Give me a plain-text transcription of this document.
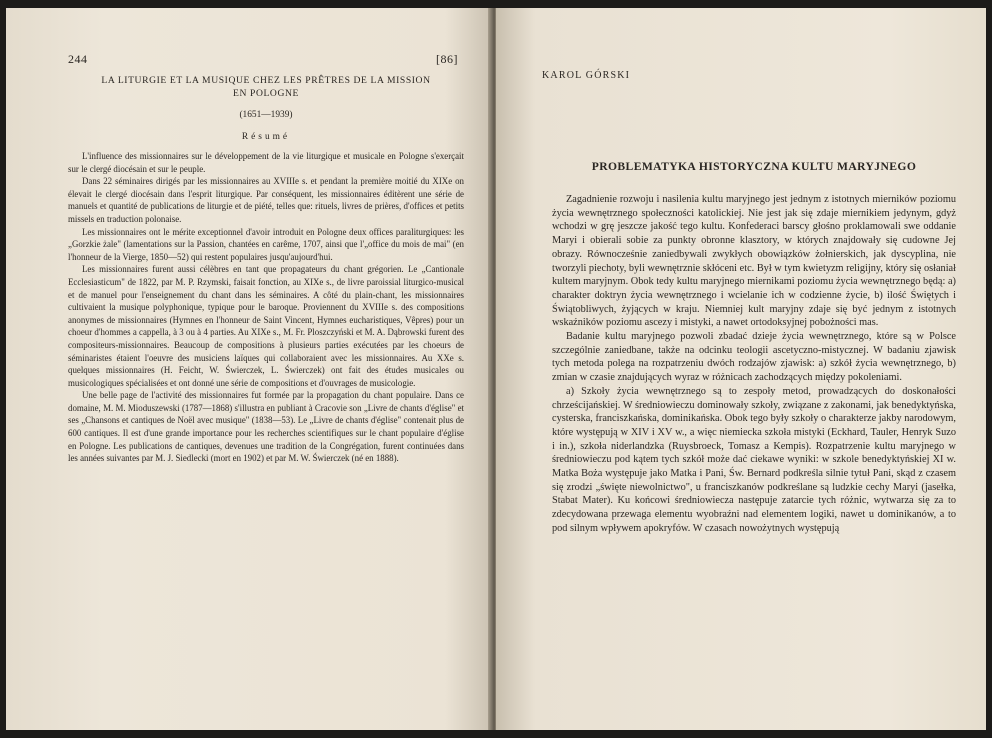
244	[86]
LA LITURGIE ET LA MUSIQUE CHEZ LES PRÊTRES DE LA MISSION
EN POLOGNE
(1651—1939)
Résumé

L'influence des missionnaires sur le développement de la vie liturgique et musicale en Pologne s'exerçait sur le clergé diocésain et sur le peuple.

Dans 22 séminaires dirigés par les missionnaires au XVIIIe s. et pendant la première moitié du XIXe on élevait le clergé diocésain dans l'esprit liturgique. Par conséquent, les missionnaires éditèrent une série de manuels et quantité de publications de liturgie et de piété, telles que: rituels, livres de prières, d'offices et petits missels en traduction polonaise.

Les missionnaires ont le mérite exceptionnel d'avoir introduit en Pologne deux offices paraliturgiques: les „Gorzkie żale" (lamentations sur la Passion, chantées en carême, 1707, ainsi que l'„office du mois de mai" (en l'honneur de la Vierge, 1850—52) qui restent populaires jusqu'aujourd'hui.

Les missionnaires furent aussi célèbres en tant que propagateurs du chant grégorien. Le „Cantionale Ecclesiasticum" de 1822, par M. P. Rzymski, faisait fonction, au XIXe s., de livre paroissial liturgico-musical et de manuel pour l'enseignement du chant dans les séminaires. A côté du plain-chant, les missionnaires cultivaient la musique polyphonique, typique pour le baroque. Proviennent du XVIIIe s. des compositions anonymes de missionnaires (Hymnes en l'honneur de Saint Vincent, Hymnes eucharistiques, Vêpres) pour un choeur d'hommes a cappella, à 3 ou à 4 parties. Au XIXe s., M. Fr. Ploszczyński et M. A. Dąbrowski furent des compositeurs-missionnaires. Beaucoup de compositions à plusieurs parties exécutées par les choeurs de séminaristes étaient l'oeuvre des musiciens laïques qui collaboraient avec les missionnaires. Au XXe s. quelques missionnaires (H. Feicht, W. Świerczek, L. Świerczek) ont fait des études musicales ou musicologiques spécialisées et ont donné une série de compositions et d'ouvrages de musicologie.

Une belle page de l'activité des missionnaires fut formée par la propagation du chant populaire. Dans ce domaine, M. M. Mioduszewski (1787—1868) s'illustra en publiant à Cracovie son „Livre de chants d'église" et ses „Chansons et cantiques de Noël avec musique" (1838—53). Le „Livre de chants d'église" contenait plus de 600 cantiques. Il est d'une grande importance pour les recherches scientifiques sur le chant populaire d'église en Pologne. Les publications de cantiques, devenues une tradition de la Congrégation, furent continuées dans les années suivantes par M. J. Siedlecki (mort en 1902) et par M. W. Świerczek (né en 1888).

KAROL GÓRSKI
PROBLEMATYKA HISTORYCZNA KULTU MARYJNEGO

Zagadnienie rozwoju i nasilenia kultu maryjnego jest jednym z istotnych mierników poziomu życia wewnętrznego społeczności katolickiej. Nie jest jak się zdaje miernikiem jedynym, gdyż wchodzi w grę jeszcze jakość tego kultu. Konfederaci barscy głośno proklamowali swe oddanie Maryi i obierali sobie za punkty obronne klasztory, w których znajdowały się cudowne Jej obrazy. Równocześnie zaniedbywali zwykłych obowiązków żołnierskich, jak dyscyplina, nie tworzyli piechoty, byli wewnętrznie skłóceni etc. Był w tym kwietyzm religijny, który się osłaniał kultem maryjnym. Obok tedy kultu maryjnego miernikami poziomu życia wewnętrznego będą: a) charakter doktryn życia wewnętrznego i wcielanie ich w codzienne życie, b) ilość Świętych i Świątobliwych, żyjących w kraju. Niemniej kult maryjny zdaje się być jednym z istotnych wskaźników poziomu ascezy i mistyki, a nawet ortodoksyjnej pobożności mas.

Badanie kultu maryjnego pozwoli zbadać dzieje życia wewnętrznego, które są w Polsce szczególnie zaniedbane, także na odcinku teologii ascetyczno-mistycznej. W badaniu zjawisk tych metoda polega na rozpatrzeniu dwóch rodzajów zjawisk: a) szkół życia wewnętrznego, b) zmian w czasie znajdujących wyraz w różnicach zachodzących między pokoleniami.

a) Szkoły życia wewnętrznego są to zespoły metod, prowadzących do doskonałości chrześcijańskiej. W średniowieczu dominowały szkoły, związane z zakonami, jak benedyktyńska, cysterska, franciszkańska, dominikańska. Obok tego były szkoły o charakterze jakby narodowym, które występują w XIV i XV w., a więc niemiecka szkoła mistyki (Eckhard, Tauler, Henryk Suzo i in.), szkoła niderlandzka (Ruysbroeck, Tomasz a Kempis). Rozpatrzenie kultu maryjnego w średniowieczu pod kątem tych szkół może dać ciekawe wyniki: w szkole benedyktyńskiej XI w. Matka Boża występuje jako Matka i Pani, Św. Bernard podkreśla silnie tytuł Pani, skąd z czasem się zrodzi „święte niewolnictwo", u franciszkanów podkreślane są ludzkie cechy Maryi (jasełka, Stabat Mater). Ku końcowi średniowiecza następuje zatarcie tych różnic, wytwarza się za to zdecydowana przewaga elementu wyobraźni nad elementem logiki, nawet u dominikanów, a to pod silnym wpływem apokryfów. W czasach nowożytnych występują
